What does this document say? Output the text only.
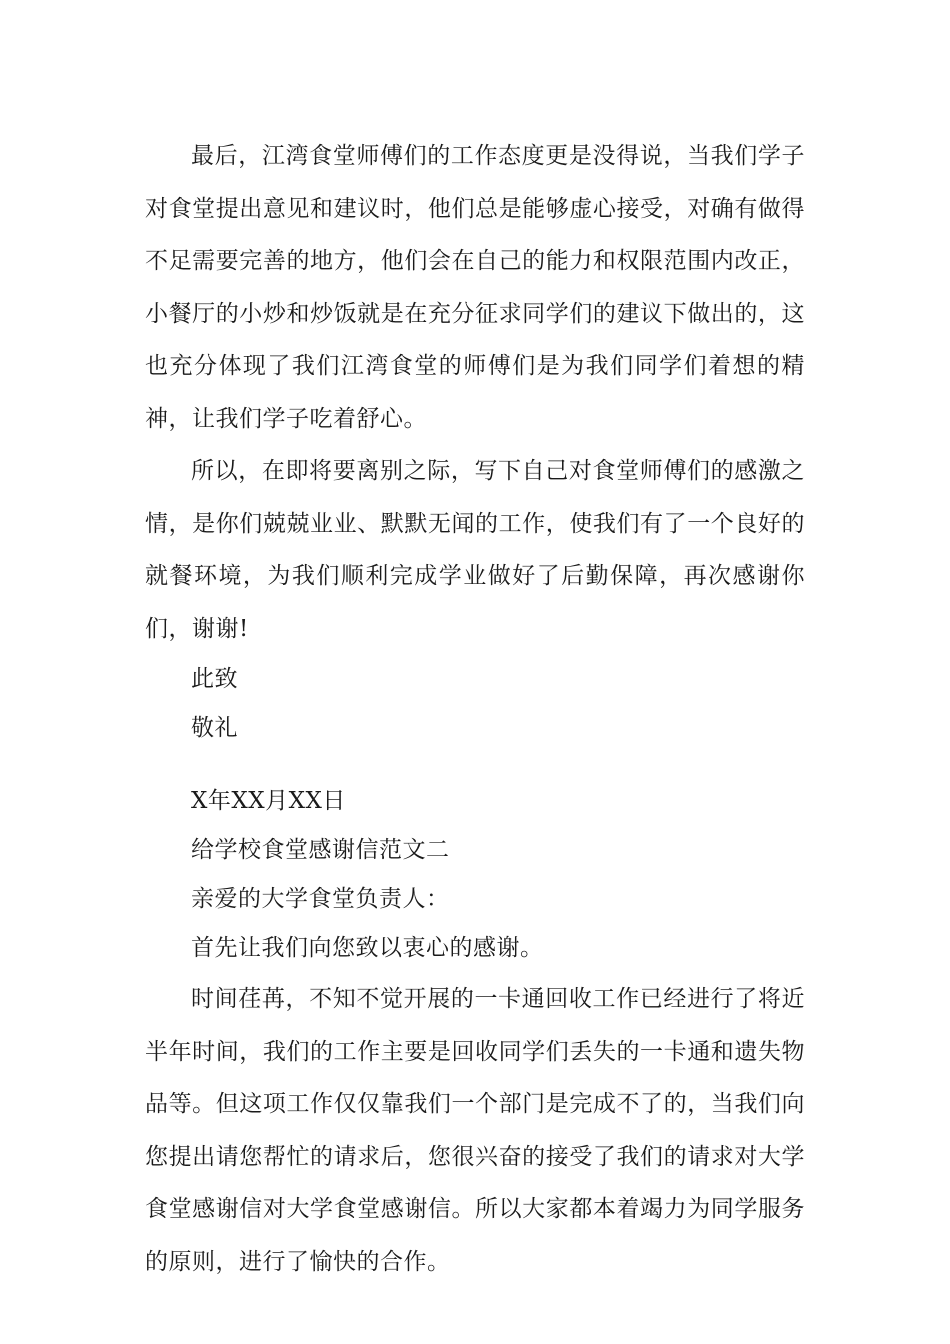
最后，江湾食堂师傅们的工作态度更是没得说，当我们学子对食堂提出意见和建议时，他们总是能够虚心接受，对确有做得不足需要完善的地方，他们会在自己的能力和权限范围内改正，小餐厅的小炒和炒饭就是在充分征求同学们的建议下做出的，这也充分体现了我们江湾食堂的师傅们是为我们同学们着想的精神，让我们学子吃着舒心。

所以，在即将要离别之际，写下自己对食堂师傅们的感激之情，是你们兢兢业业、默默无闻的工作，使我们有了一个良好的就餐环境，为我们顺利完成学业做好了后勤保障，再次感谢你们，谢谢!

此致

敬礼

X年XX月XX日

给学校食堂感谢信范文二

亲爱的大学食堂负责人：

首先让我们向您致以衷心的感谢。

时间荏苒，不知不觉开展的一卡通回收工作已经进行了将近半年时间，我们的工作主要是回收同学们丢失的一卡通和遗失物品等。但这项工作仅仅靠我们一个部门是完成不了的，当我们向您提出请您帮忙的请求后，您很兴奋的接受了我们的请求对大学食堂感谢信对大学食堂感谢信。所以大家都本着竭力为同学服务的原则，进行了愉快的合作。
